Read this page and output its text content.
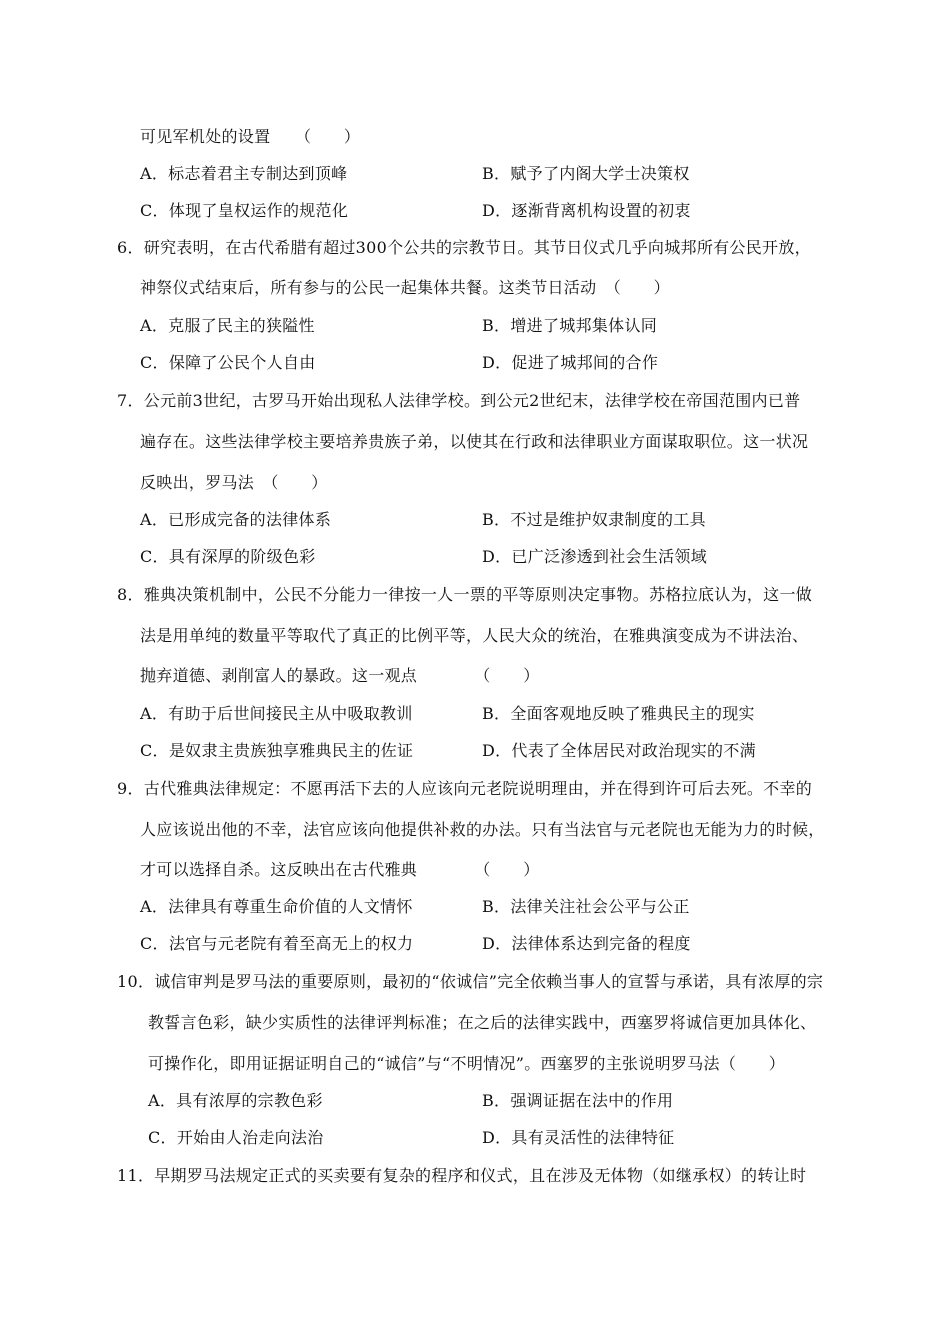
可见军机处的设置　　（　　）
A．标志着君主专制达到顶峰	B．赋予了内阁大学士决策权
C．体现了皇权运作的规范化	D．逐渐背离机构设置的初衷
6．研究表明，在古代希腊有超过300个公共的宗教节日。其节日仪式几乎向城邦所有公民开放，
神祭仪式结束后，所有参与的公民一起集体共餐。这类节日活动　（　　）
A．克服了民主的狭隘性	B．增进了城邦集体认同
C．保障了公民个人自由	D．促进了城邦间的合作
7．公元前3世纪，古罗马开始出现私人法律学校。到公元2世纪末，法律学校在帝国范围内已普
遍存在。这些法律学校主要培养贵族子弟，以使其在行政和法律职业方面谋取职位。这一状况
反映出，罗马法　（　　）
A．已形成完备的法律体系	B．不过是维护奴隶制度的工具
C．具有深厚的阶级色彩	D．已广泛渗透到社会生活领域
8．雅典决策机制中，公民不分能力一律按一人一票的平等原则决定事物。苏格拉底认为，这一做
法是用单纯的数量平等取代了真正的比例平等，人民大众的统治，在雅典演变成为不讲法治、
抛弃道德、剥削富人的暴政。这一观点　　　　（　　）
A．有助于后世间接民主从中吸取教训	B．全面客观地反映了雅典民主的现实
C．是奴隶主贵族独享雅典民主的佐证	D．代表了全体居民对政治现实的不满
9．古代雅典法律规定：不愿再活下去的人应该向元老院说明理由，并在得到许可后去死。不幸的
人应该说出他的不幸，法官应该向他提供补救的办法。只有当法官与元老院也无能为力的时候，
才可以选择自杀。这反映出在古代雅典　　　　（　　）
A．法律具有尊重生命价值的人文情怀	B．法律关注社会公平与公正
C．法官与元老院有着至高无上的权力	D．法律体系达到完备的程度
10．诚信审判是罗马法的重要原则，最初的“依诚信”完全依赖当事人的宣誓与承诺，具有浓厚的宗
教誓言色彩，缺少实质性的法律评判标准；在之后的法律实践中，西塞罗将诚信更加具体化、
可操作化，即用证据证明自己的“诚信”与“不明情况”。西塞罗的主张说明罗马法（　　）
A．具有浓厚的宗教色彩	B．强调证据在法中的作用
C．开始由人治走向法治	D．具有灵活性的法律特征
11．早期罗马法规定正式的买卖要有复杂的程序和仪式，且在涉及无体物（如继承权）的转让时
